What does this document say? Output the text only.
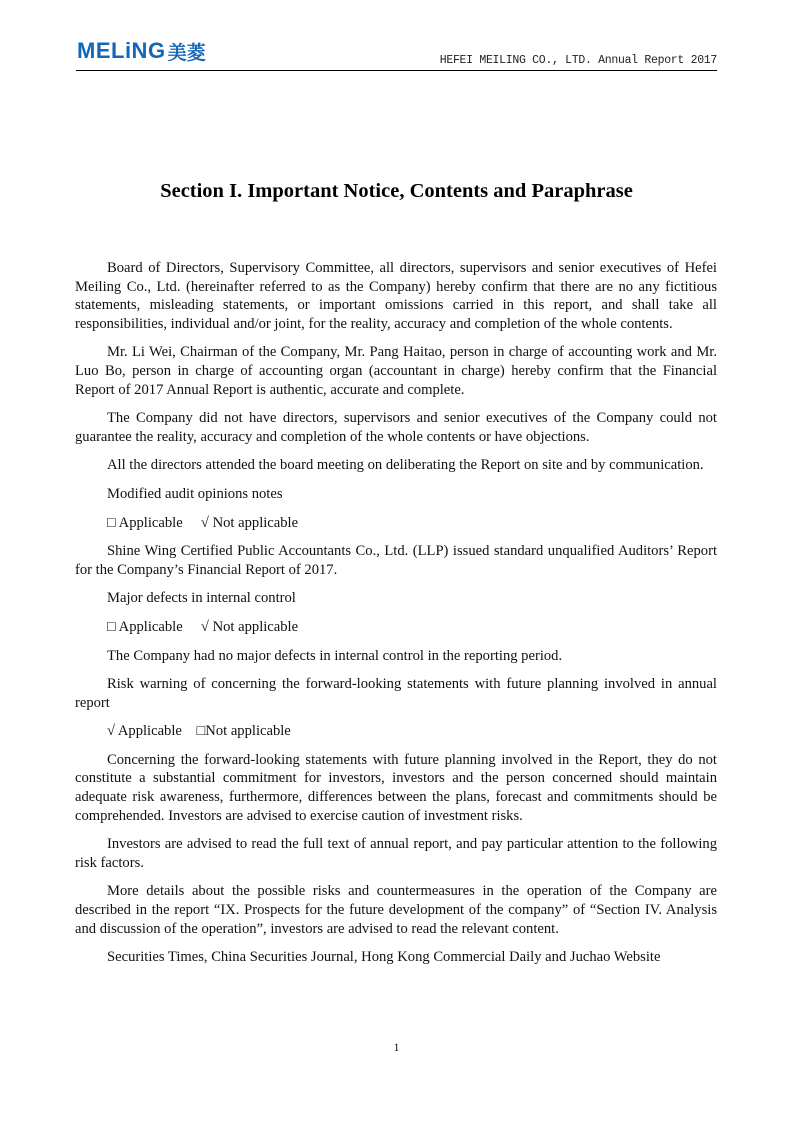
MELiNG 美菱	HEFEI MEILING CO., LTD. Annual Report 2017
Section I. Important Notice, Contents and Paraphrase

Board of Directors, Supervisory Committee, all directors, supervisors and senior executives of Hefei Meiling Co., Ltd. (hereinafter referred to as the Company) hereby confirm that there are no any fictitious statements, misleading statements, or important omissions carried in this report, and shall take all responsibilities, individual and/or joint, for the reality, accuracy and completion of the whole contents.

Mr. Li Wei, Chairman of the Company, Mr. Pang Haitao, person in charge of accounting work and Mr. Luo Bo, person in charge of accounting organ (accountant in charge) hereby confirm that the Financial Report of 2017 Annual Report is authentic, accurate and complete.

The Company did not have directors, supervisors and senior executives of the Company could not guarantee the reality, accuracy and completion of the whole contents or have objections.

All the directors attended the board meeting on deliberating the Report on site and by communication.

Modified audit opinions notes

□ Applicable     √ Not applicable

Shine Wing Certified Public Accountants Co., Ltd. (LLP) issued standard unqualified Auditors’ Report for the Company’s Financial Report of 2017.

Major defects in internal control

□ Applicable     √ Not applicable

The Company had no major defects in internal control in the reporting period.

Risk warning of concerning the forward-looking statements with future planning involved in annual report

√ Applicable    □Not applicable

Concerning the forward-looking statements with future planning involved in the Report, they do not constitute a substantial commitment for investors, investors and the person concerned should maintain adequate risk awareness, furthermore, differences between the plans, forecast and commitments should be comprehended. Investors are advised to exercise caution of investment risks.

Investors are advised to read the full text of annual report, and pay particular attention to the following risk factors.

More details about the possible risks and countermeasures in the operation of the Company are described in the report “IX. Prospects for the future development of the company” of “Section IV. Analysis and discussion of the operation”, investors are advised to read the relevant content.

Securities Times, China Securities Journal, Hong Kong Commercial Daily and Juchao Website

1
